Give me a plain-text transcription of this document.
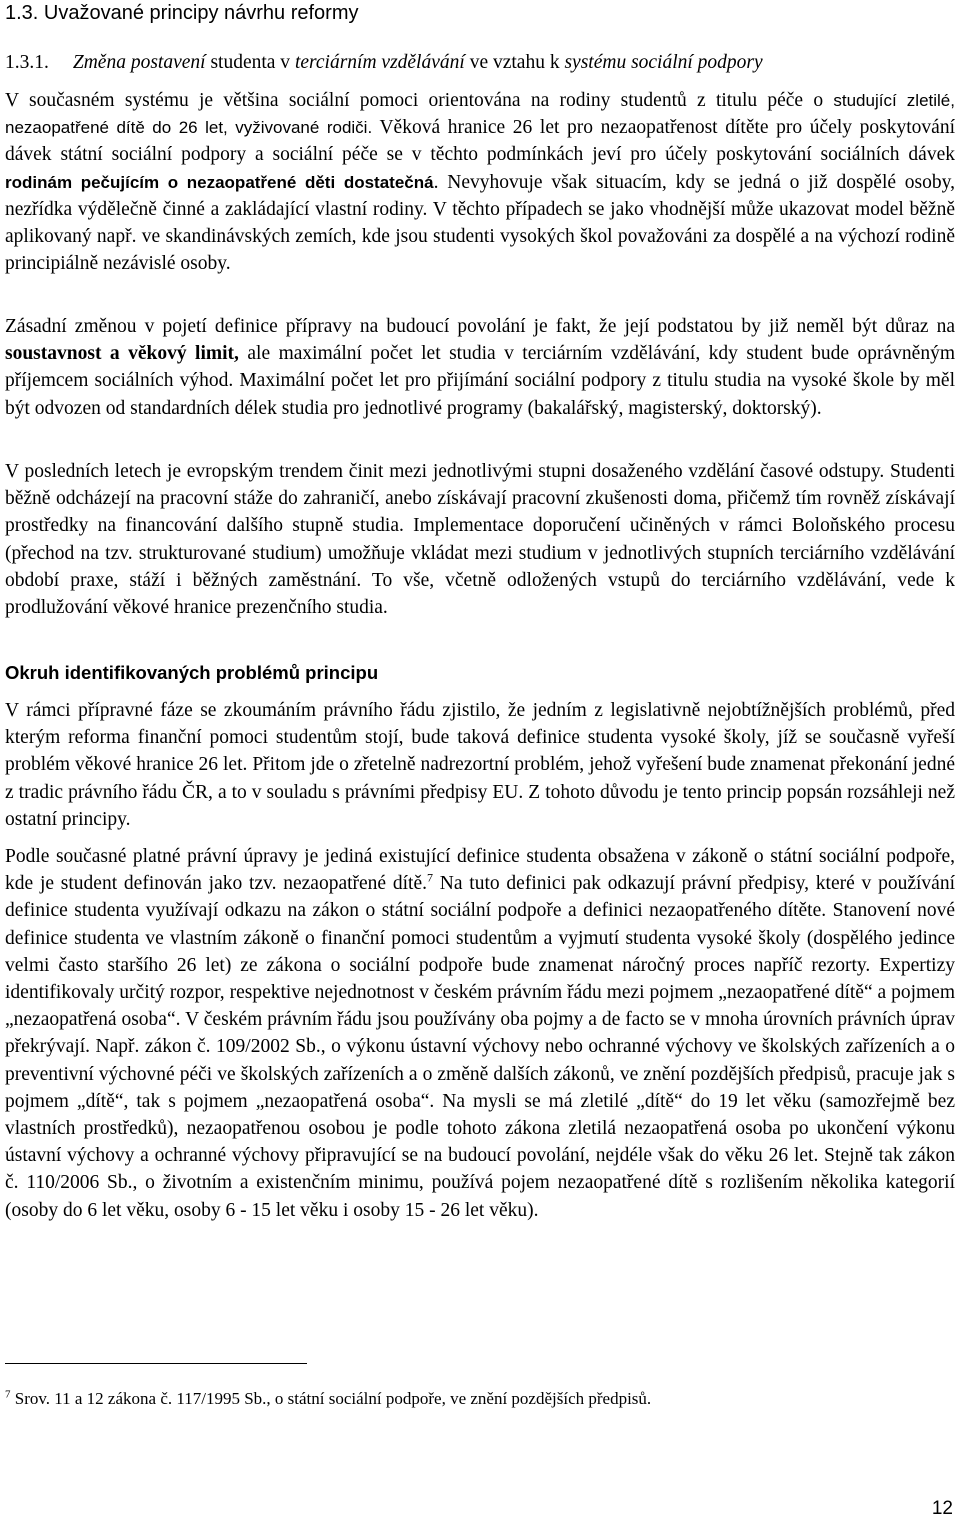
1.3. Uvažované principy návrhu reformy
1.3.1. Změna postavení studenta v terciárním vzdělávání ve vztahu k systému sociální podpory

V současném systému je většina sociální pomoci orientována na rodiny studentů z titulu péče o studující zletilé, nezaopatřené dítě do 26 let, vyživované rodiči. Věková hranice 26 let pro nezaopatřenost dítěte pro účely poskytování dávek státní sociální podpory a sociální péče se v těchto podmínkách jeví pro účely poskytování sociálních dávek rodinám pečujícím o nezaopatřené děti dostatečná. Nevyhovuje však situacím, kdy se jedná o již dospělé osoby, nezřídka výdělečně činné a zakládající vlastní rodiny. V těchto případech se jako vhodnější může ukazovat model běžně aplikovaný např. ve skandinávských zemích, kde jsou studenti vysokých škol považováni za dospělé a na výchozí rodině principiálně nezávislé osoby.

Zásadní změnou v pojetí definice přípravy na budoucí povolání je fakt, že její podstatou by již neměl být důraz na soustavnost a věkový limit, ale maximální počet let studia v terciárním vzdělávání, kdy student bude oprávněným příjemcem sociálních výhod. Maximální počet let pro přijímání sociální podpory z titulu studia na vysoké škole by měl být odvozen od standardních délek studia pro jednotlivé programy (bakalářský, magisterský, doktorský).

V posledních letech je evropským trendem činit mezi jednotlivými stupni dosaženého vzdělání časové odstupy. Studenti běžně odcházejí na pracovní stáže do zahraničí, anebo získávají pracovní zkušenosti doma, přičemž tím rovněž získávají prostředky na financování dalšího stupně studia. Implementace doporučení učiněných v rámci Boloňského procesu (přechod na tzv. strukturované studium) umožňuje vkládat mezi studium v jednotlivých stupních terciárního vzdělávání období praxe, stáží i běžných zaměstnání. To vše, včetně odložených vstupů do terciárního vzdělávání, vede k prodlužování věkové hranice prezenčního studia.

Okruh identifikovaných problémů principu

V rámci přípravné fáze se zkoumáním právního řádu zjistilo, že jedním z legislativně nejobtížnějších problémů, před kterým reforma finanční pomoci studentům stojí, bude taková definice studenta vysoké školy, jíž se současně vyřeší problém věkové hranice 26 let. Přitom jde o zřetelně nadrezortní problém, jehož vyřešení bude znamenat překonání jedné z tradic právního řádu ČR, a to v souladu s právními předpisy EU. Z tohoto důvodu je tento princip popsán rozsáhleji než ostatní principy.

Podle současné platné právní úpravy je jediná existující definice studenta obsažena v zákoně o státní sociální podpoře, kde je student definován jako tzv. nezaopatřené dítě.$^7$ Na tuto definici pak odkazují právní předpisy, které v používání definice studenta využívají odkazu na zákon o státní sociální podpoře a definici nezaopatřeného dítěte. Stanovení nové definice studenta ve vlastním zákoně o finanční pomoci studentům a vyjmutí studenta vysoké školy (dospělého jedince velmi často staršího 26 let) ze zákona o sociální podpoře bude znamenat náročný proces napříč rezorty. Expertizy identifikovaly určitý rozpor, respektive nejednotnost v českém právním řádu mezi pojmem „nezaopatřené dítě“ a pojmem „nezaopatřená osoba“. V českém právním řádu jsou používány oba pojmy a de facto se v mnoha úrovních právních úprav překrývají. Např. zákon č. 109/2002 Sb., o výkonu ústavní výchovy nebo ochranné výchovy ve školských zařízeních a o preventivní výchovné péči ve školských zařízeních a o změně dalších zákonů, ve znění pozdějších předpisů, pracuje jak s pojmem „dítě“, tak s pojmem „nezaopatřená osoba“. Na mysli se má zletilé „dítě“ do 19 let věku (samozřejmě bez vlastních prostředků), nezaopatřenou osobou je podle tohoto zákona zletilá nezaopatřená osoba po ukončení výkonu ústavní výchovy a ochranné výchovy připravující se na budoucí povolání, nejdéle však do věku 26 let. Stejně tak zákon č. 110/2006 Sb., o životním a existenčním minimu, používá pojem nezaopatřené dítě s rozlišením několika kategorií (osoby do 6 let věku, osoby 6 - 15 let věku i osoby 15 - 26 let věku).

$^7$ Srov. 11 a 12 zákona č. 117/1995 Sb., o státní sociální podpoře, ve znění pozdějších předpisů.
12
